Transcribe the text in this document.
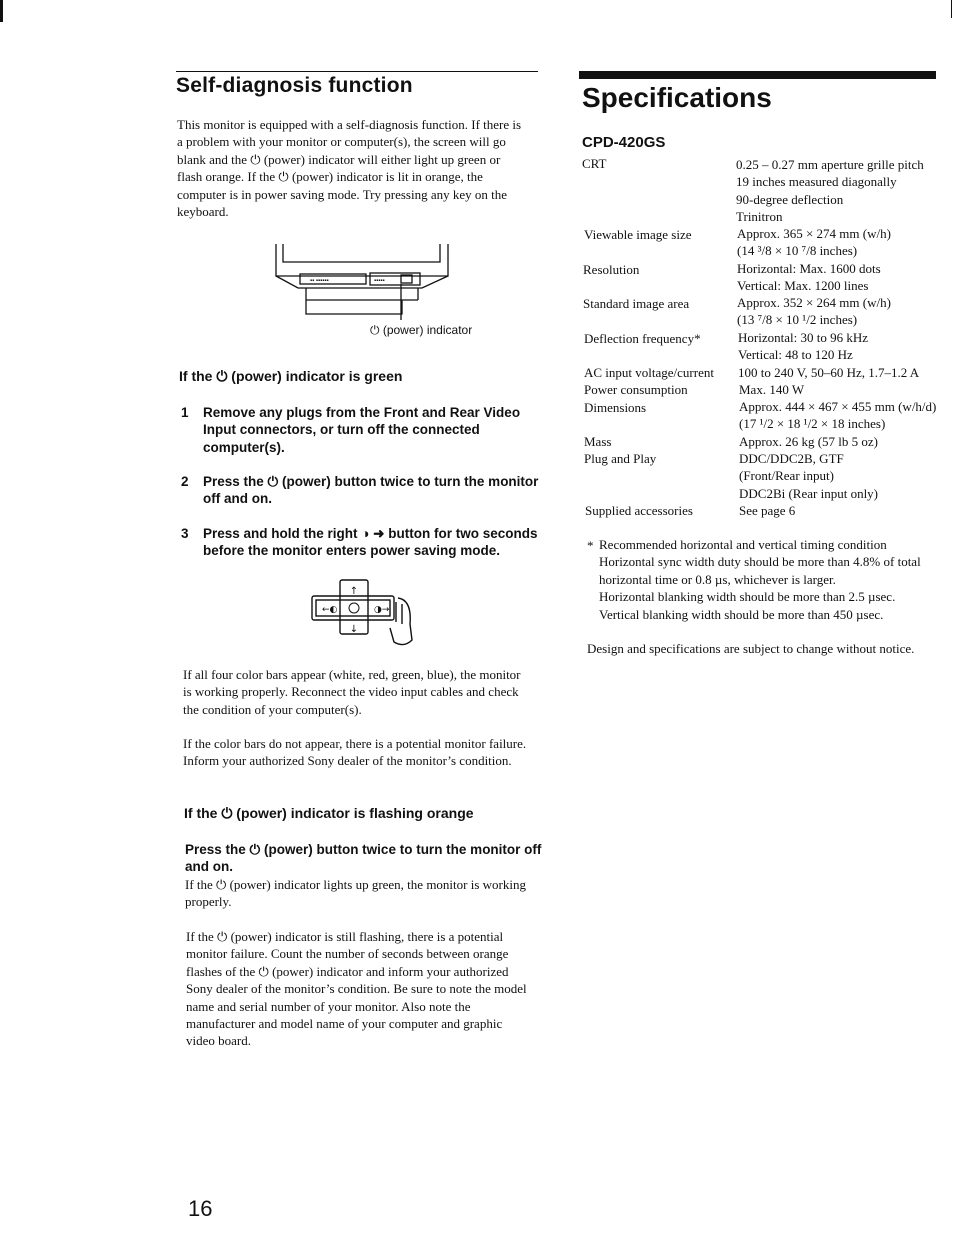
Self-diagnosis function
This monitor is equipped with a self-diagnosis function. If there is
a problem with your monitor or computer(s), the screen will go
blank and the ⏻ (power) indicator will either light up green or
flash orange. If the ⏻ (power) indicator is lit in orange, the
computer is in power saving mode. Try pressing any key on the
keyboard.
▪▪ ▪▪▪▪▪▪	▪▪▪▪▪
⏻ (power) indicator
If the ⏻ (power) indicator is green
1 Remove any plugs from the Front and Rear Video Input connectors, or turn off the connected computer(s).
2 Press the ⏻ (power) button twice to turn the monitor off and on.
3 Press and hold the right ◑ ➜ button for two seconds before the monitor enters power saving mode.
↑
↓
←◐	◑→
If all four color bars appear (white, red, green, blue), the monitor
is working properly. Reconnect the video input cables and check
the condition of your computer(s).
If the color bars do not appear, there is a potential monitor failure.
Inform your authorized Sony dealer of the monitor’s condition.
If the ⏻ (power) indicator is flashing orange
Press the ⏻ (power) button twice to turn the monitor off
and on.
If the ⏻ (power) indicator lights up green, the monitor is working
properly.
If the ⏻ (power) indicator is still flashing, there is a potential
monitor failure. Count the number of seconds between orange
flashes of the ⏻ (power) indicator and inform your authorized
Sony dealer of the monitor’s condition. Be sure to note the model
name and serial number of your monitor. Also note the
manufacturer and model name of your computer and graphic
video board.
16
Specifications
CPD-420GS
CRT	0.25 – 0.27 mm aperture grille pitch
19 inches measured diagonally
90-degree deflection
Trinitron
Viewable image size	Approx. 365 × 274 mm (w/h)
(14 ³/8 × 10 ⁷/8 inches)
Resolution	Horizontal: Max. 1600 dots
Vertical: Max. 1200 lines
Standard image area	Approx. 352 × 264 mm (w/h)
(13 ⁷/8 × 10 ¹/2 inches)
Deflection frequency*	Horizontal: 30 to 96 kHz
Vertical: 48 to 120 Hz
AC input voltage/current 100 to 240 V, 50–60 Hz, 1.7–1.2 A
Power consumption	Max. 140 W
Dimensions	Approx. 444 × 467 × 455 mm (w/h/d)
(17 ¹/2 × 18 ¹/2 × 18 inches)
Mass	Approx. 26 kg (57 lb 5 oz)
Plug and Play	DDC/DDC2B, GTF
(Front/Rear input)
DDC2Bi (Rear input only)
Supplied accessories	See page 6
* Recommended horizontal and vertical timing condition
Horizontal sync width duty should be more than 4.8% of total
horizontal time or 0.8 µs, whichever is larger.
Horizontal blanking width should be more than 2.5 µsec.
Vertical blanking width should be more than 450 µsec.
Design and specifications are subject to change without notice.
